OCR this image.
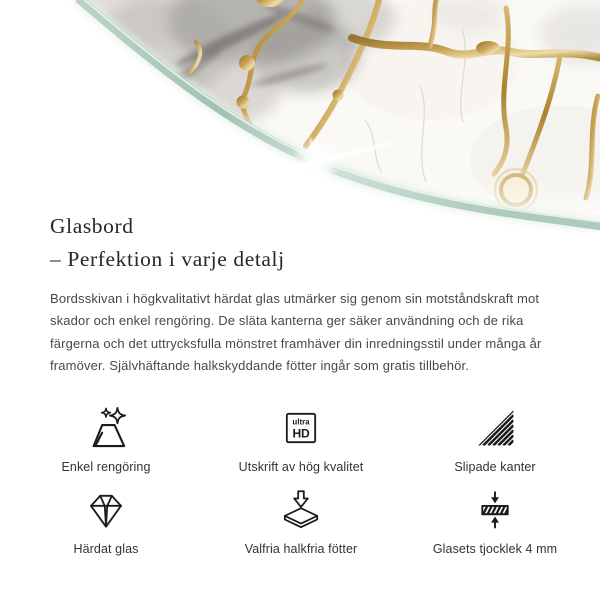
Glasbord
– Perfektion i varje detalj

Bordsskivan i högkvalitativt härdat glas utmärker sig genom sin motståndskraft mot skador och enkel rengöring. De släta kanterna ger säker användning och de rika färgerna och det uttrycksfulla mönstret framhäver din inredningsstil under många år framöver. Självhäftande halkskyddande fötter ingår som gratis tillbehör.

Enkel rengöring
ultra
HD
Utskrift av hög kvalitet	Slipade kanter
Härdat glas	Valfria halkfria fötter	Glasets tjocklek 4 mm
